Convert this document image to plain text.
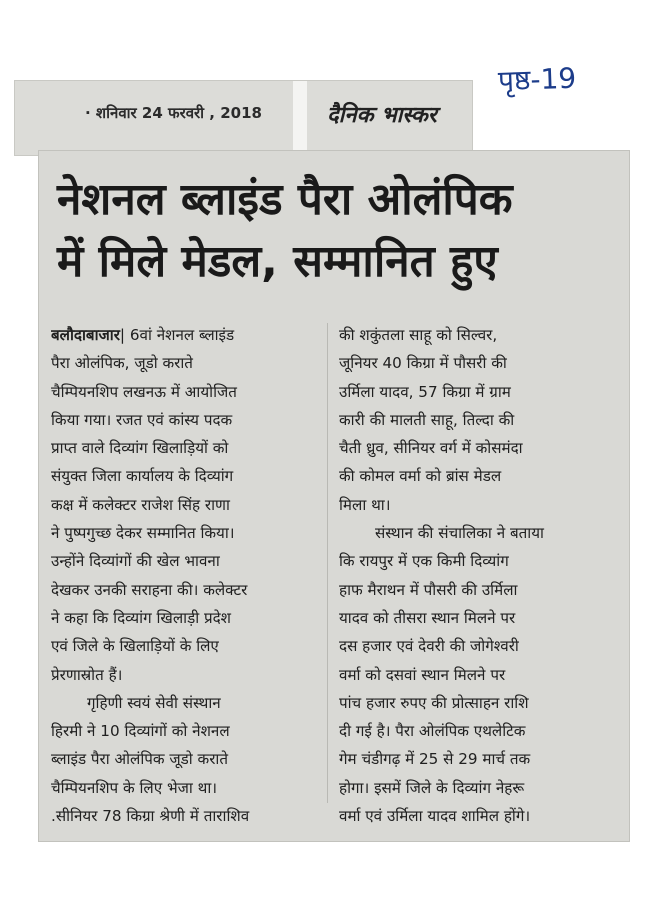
· शनिवार 24 फरवरी , 2018	दैनिक भास्कर
पृष्ठ-19
नेशनल ब्लाइंड पैरा ओलंपिक
में मिले मेडल, सम्मानित हुए
बलौदाबाजार| 6वां नेशनल ब्लाइंड
पैरा ओलंपिक, जूडो कराते
चैम्पियनशिप लखनऊ में आयोजित
किया गया। रजत एवं कांस्य पदक
प्राप्त वाले दिव्यांग खिलाड़ियों को
संयुक्त जिला कार्यालय के दिव्यांग
कक्ष में कलेक्टर राजेश सिंह राणा
ने पुष्पगुच्छ देकर सम्मानित किया।
उन्होंने दिव्यांगों की खेल भावना
देखकर उनकी सराहना की। कलेक्टर
ने कहा कि दिव्यांग खिलाड़ी प्रदेश
एवं जिले के खिलाड़ियों के लिए
प्रेरणास्रोत हैं।
गृहिणी स्वयं सेवी संस्थान
हिरमी ने 10 दिव्यांगों को नेशनल
ब्लाइंड पैरा ओलंपिक जूडो कराते
चैम्पियनशिप के लिए भेजा था।
.सीनियर 78 किग्रा श्रेणी में ताराशिव
की शकुंतला साहू को सिल्वर,
जूनियर 40 किग्रा में पौसरी की
उर्मिला यादव, 57 किग्रा में ग्राम
कारी की मालती साहू, तिल्दा की
चैती ध्रुव, सीनियर वर्ग में कोसमंदा
की कोमल वर्मा को ब्रांस मेडल
मिला था।
संस्थान की संचालिका ने बताया
कि रायपुर में एक किमी दिव्यांग
हाफ मैराथन में पौसरी की उर्मिला
यादव को तीसरा स्थान मिलने पर
दस हजार एवं देवरी की जोगेश्वरी
वर्मा को दसवां स्थान मिलने पर
पांच हजार रुपए की प्रोत्साहन राशि
दी गई है। पैरा ओलंपिक एथलेटिक
गेम चंडीगढ़ में 25 से 29 मार्च तक
होगा। इसमें जिले के दिव्यांग नेहरू
वर्मा एवं उर्मिला यादव शामिल होंगे।
